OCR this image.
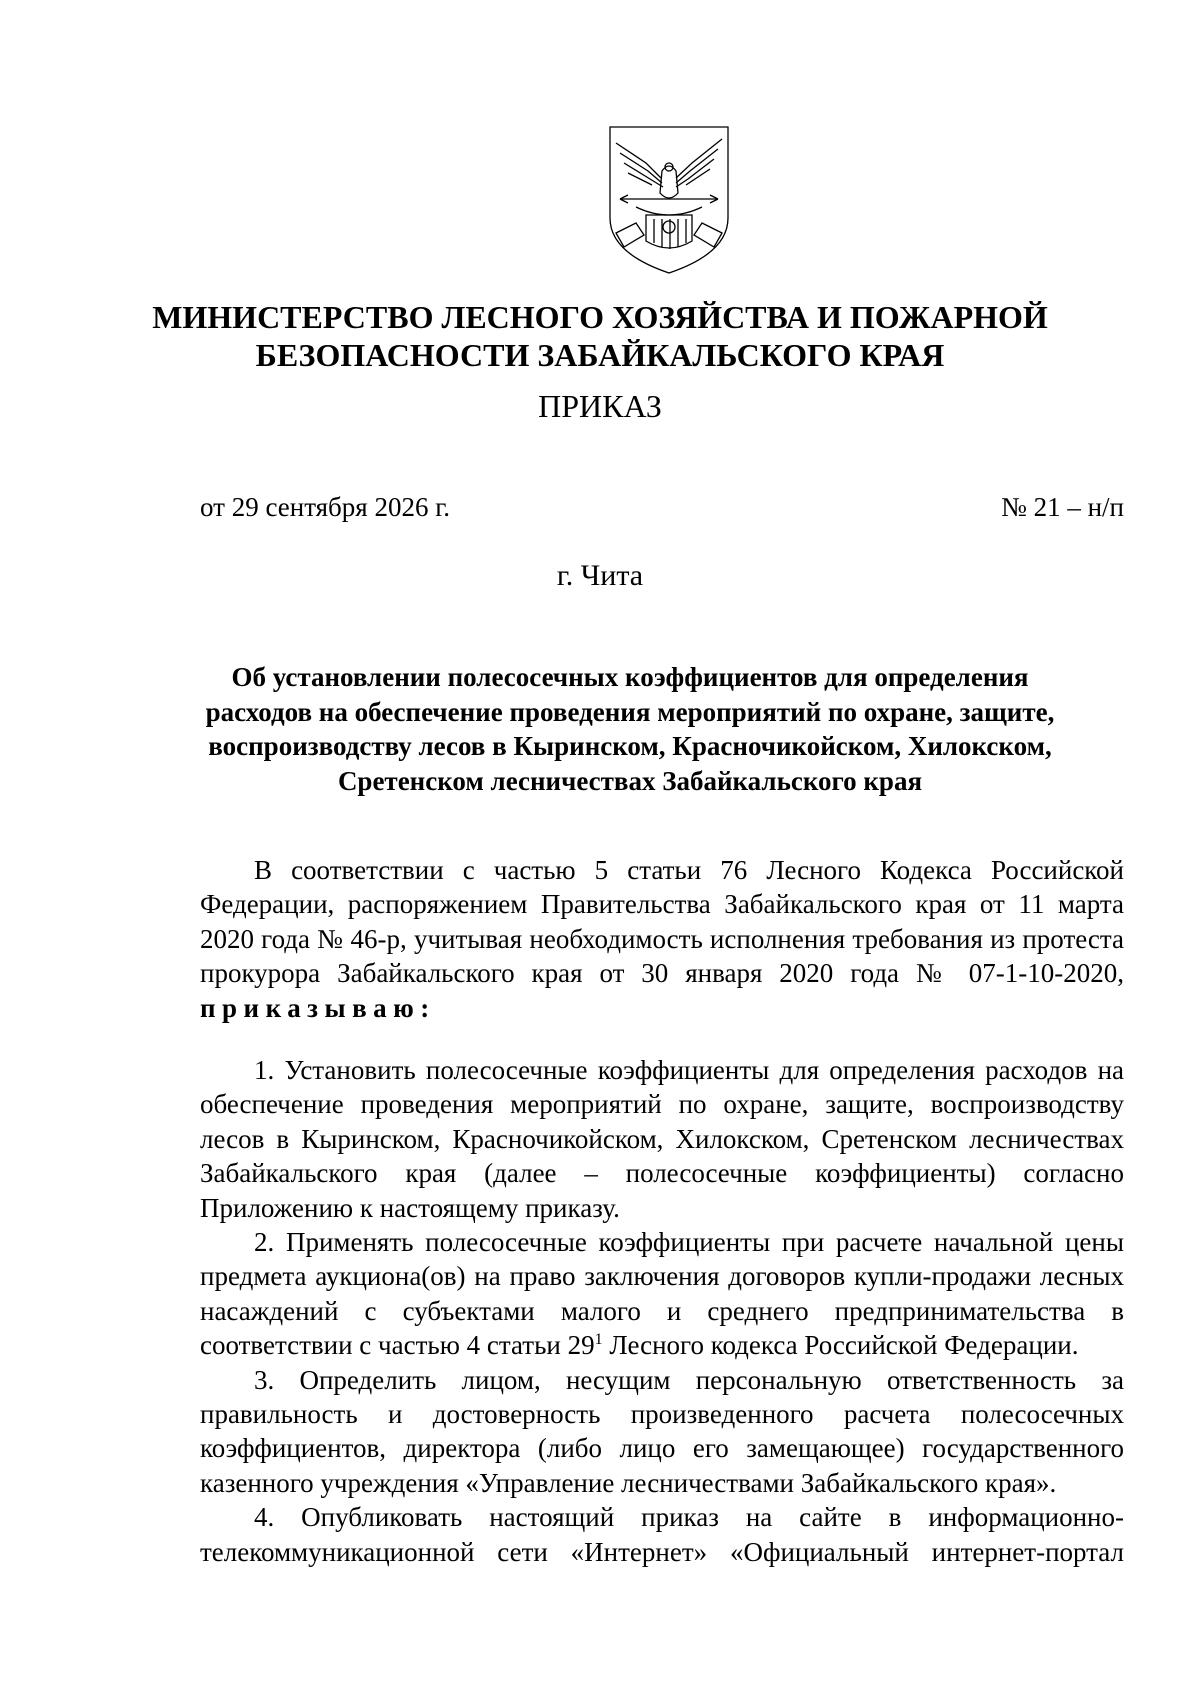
МИНИСТЕРСТВО ЛЕСНОГО ХОЗЯЙСТВА И ПОЖАРНОЙ
БЕЗОПАСНОСТИ ЗАБАЙКАЛЬСКОГО КРАЯ
ПРИКАЗ
от 29 сентября 2026 г.	№ 21 – н/п
г. Чита
Об установлении полесосечных коэффициентов для определения
расходов на обеспечение проведения мероприятий по охране, защите,
воспроизводству лесов в Кыринском, Красночикойском, Хилокском,
Сретенском лесничествах Забайкальского края

В соответствии с частью 5 статьи 76 Лесного Кодекса Российской Федерации, распоряжением Правительства Забайкальского края от 11 марта 2020 года № 46-р, учитывая необходимость исполнения требования из протеста прокурора Забайкальского края от 30 января 2020 года № 07-1-10-2020, приказываю:

1. Установить полесосечные коэффициенты для определения расходов на обеспечение проведения мероприятий по охране, защите, воспроизводству лесов в Кыринском, Красночикойском, Хилокском, Сретенском лесничествах Забайкальского края (далее – полесосечные коэффициенты) согласно Приложению к настоящему приказу.

2. Применять полесосечные коэффициенты при расчете начальной цены предмета аукциона(ов) на право заключения договоров купли-продажи лесных насаждений с субъектами малого и среднего предпринимательства в соответствии с частью 4 статьи $29^1$ Лесного кодекса Российской Федерации.

3. Определить лицом, несущим персональную ответственность за правильность и достоверность произведенного расчета полесосечных коэффициентов, директора (либо лицо его замещающее) государственного казенного учреждения «Управление лесничествами Забайкальского края».

4. Опубликовать настоящий приказ на сайте в информационно-телекоммуникационной сети «Интернет» «Официальный интернет-портал
